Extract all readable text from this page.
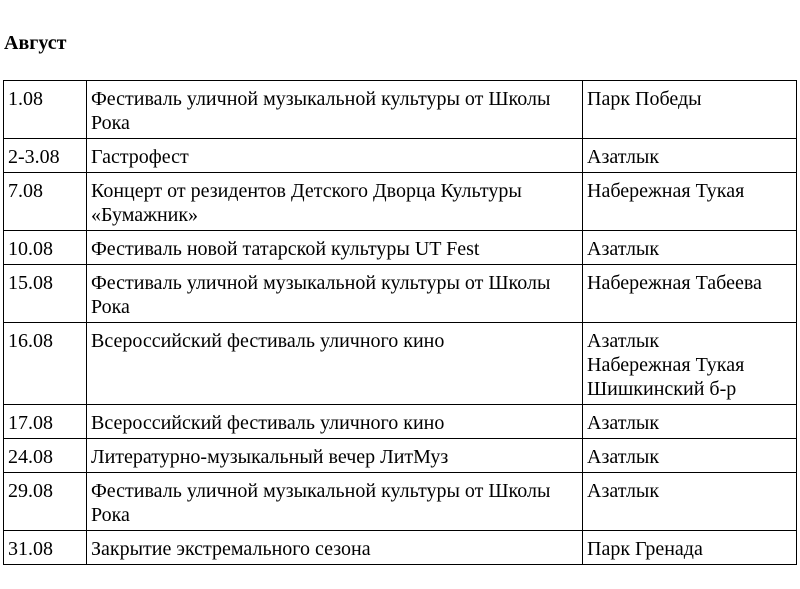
Август
1.08	Фестиваль уличной музыкальной культуры от Школы Рока	Парк Победы

2-3.08	Гастрофест	Азатлык

7.08	Концерт от резидентов Детского Дворца Культуры «Бумажник»	Набережная Тукая

10.08	Фестиваль новой татарской культуры UT Fest	Азатлык

15.08	Фестиваль уличной музыкальной культуры от Школы Рока	Набережная Табеева

16.08	Всероссийский фестиваль уличного кино	Азатлык
Набережная Тукая
Шишкинский б-р

17.08	Всероссийский фестиваль уличного кино	Азатлык

24.08	Литературно-музыкальный вечер ЛитМуз	Азатлык

29.08	Фестиваль уличной музыкальной культуры от Школы Рока	Азатлык

31.08	Закрытие экстремального сезона	Парк Гренада
